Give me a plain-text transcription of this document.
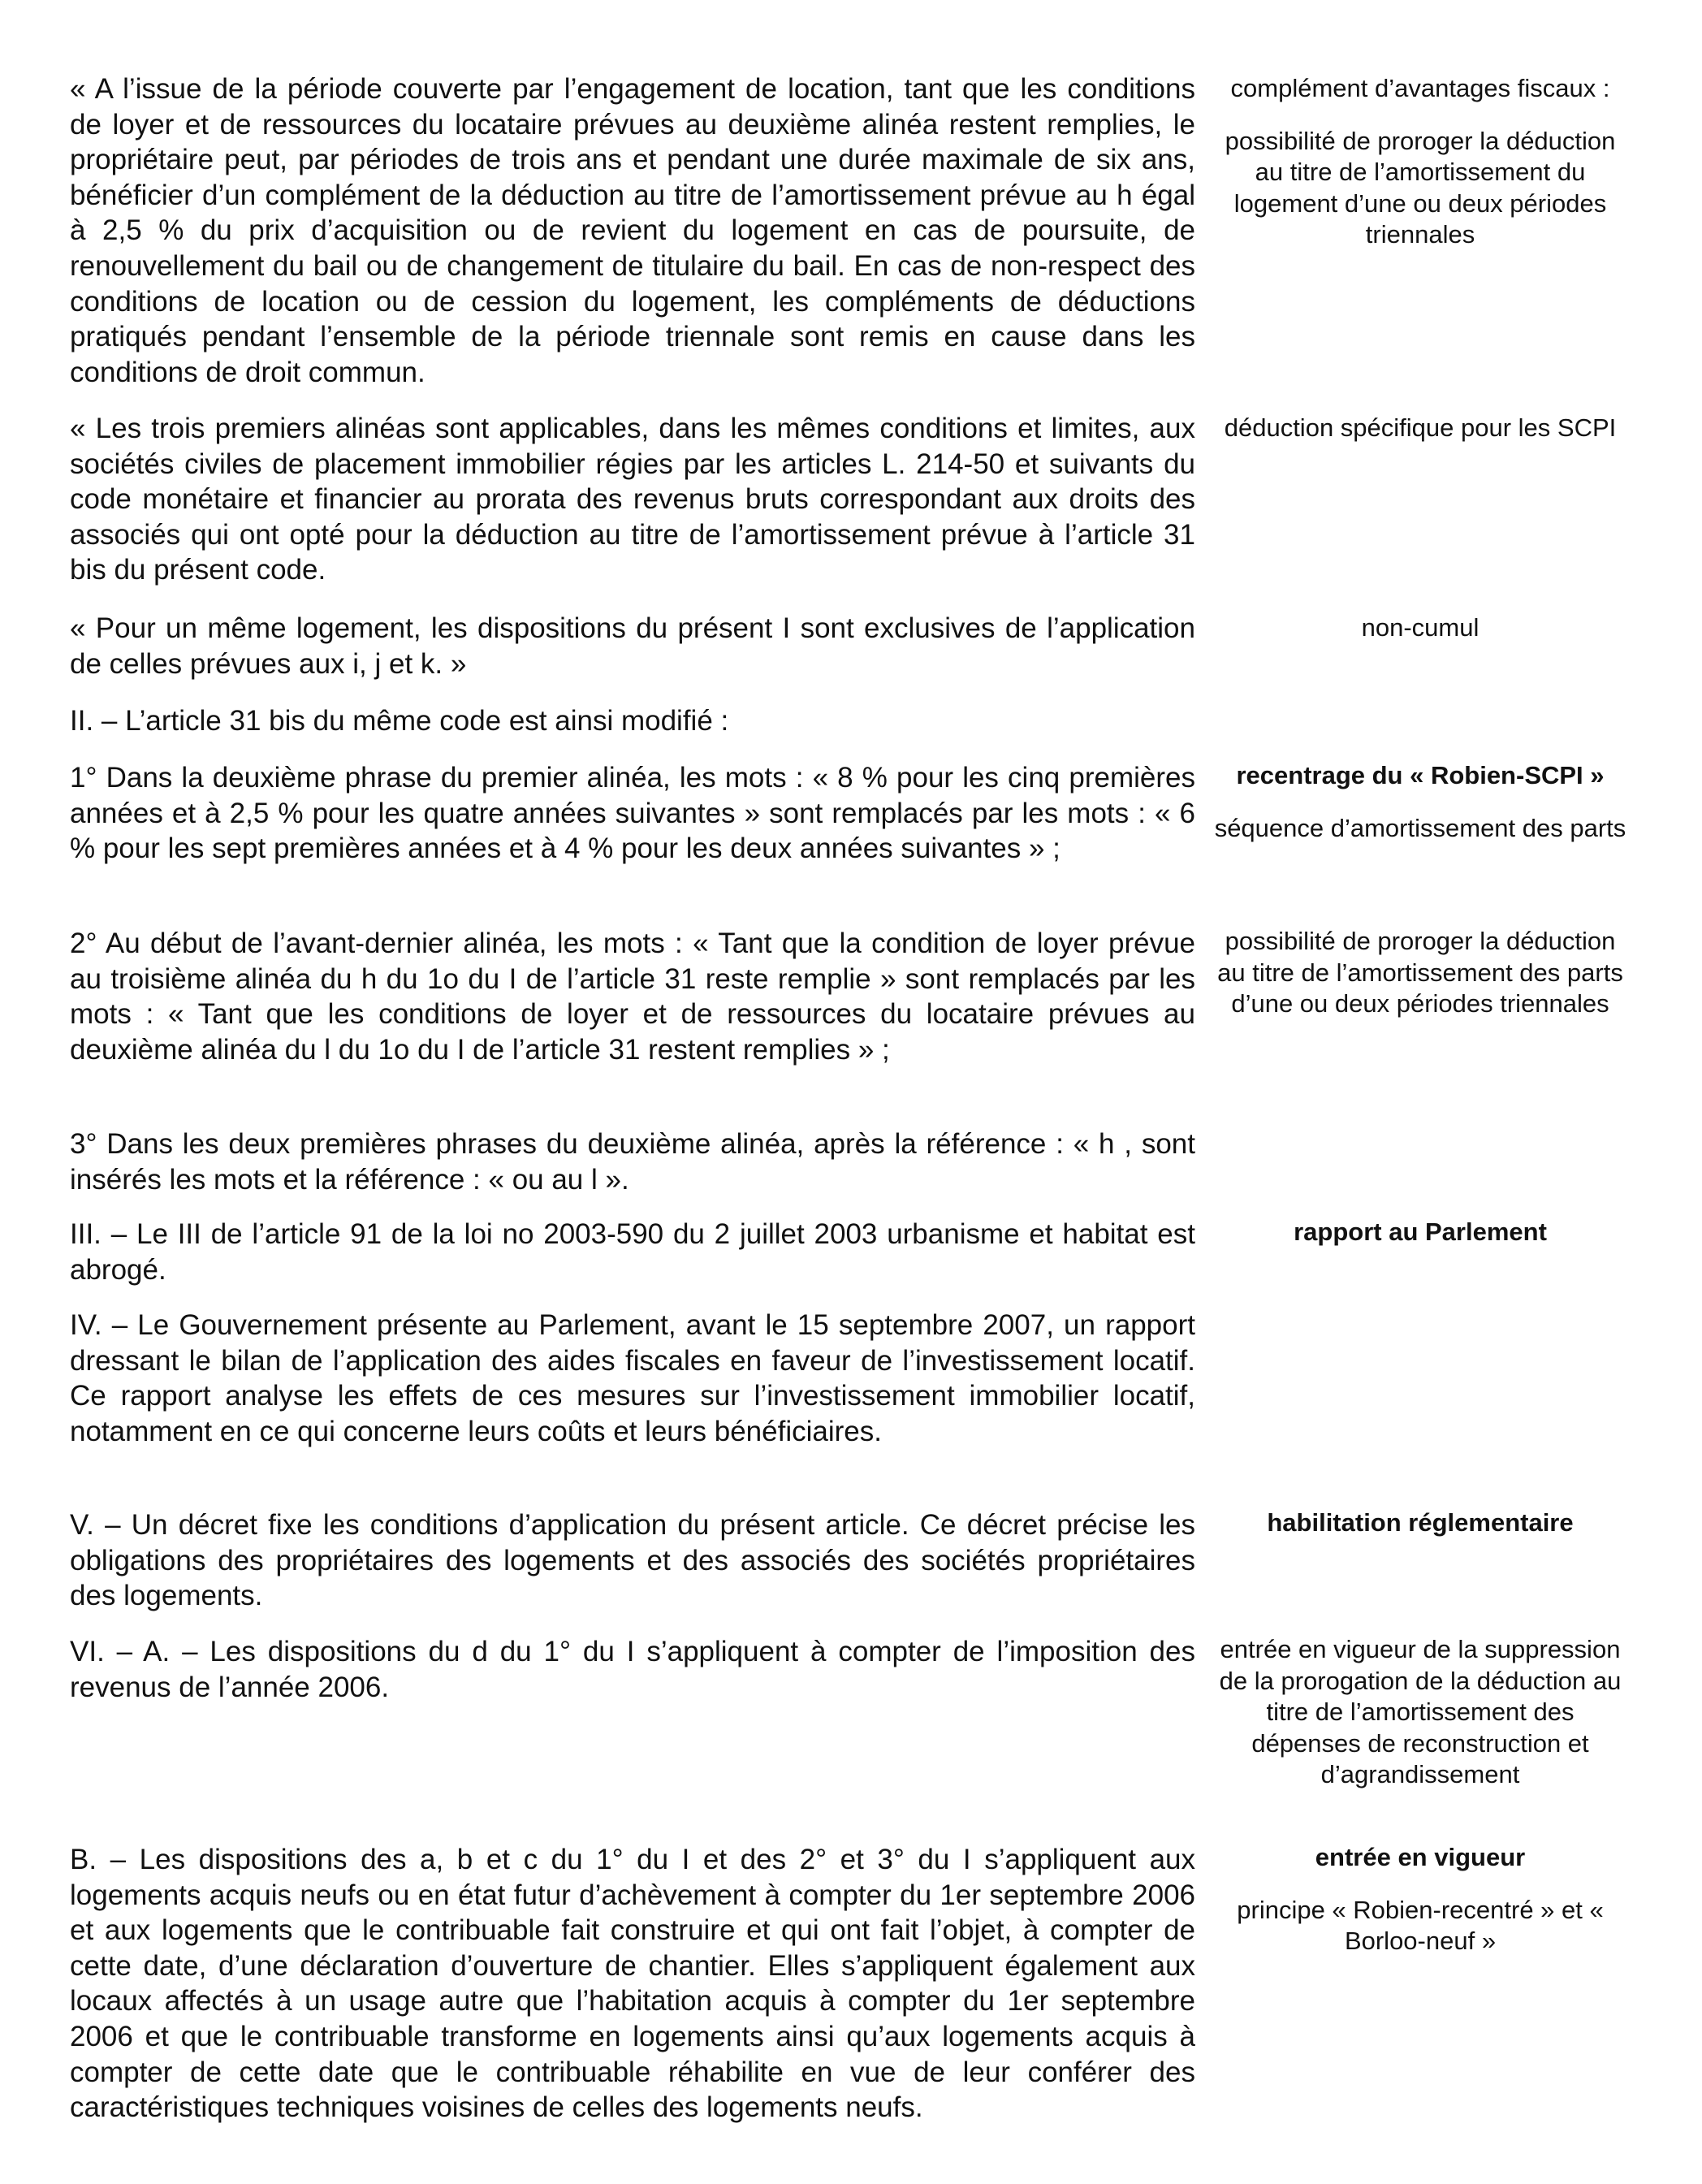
« A l’issue de la période couverte par l’engagement de location, tant que les conditions de loyer et de ressources du locataire prévues au deuxième alinéa restent remplies, le propriétaire peut, par périodes de trois ans et pendant une durée maximale de six ans, bénéficier d’un complément de la déduction au titre de l’amortissement prévue au h égal à 2,5 % du prix d’acquisition ou de revient du logement en cas de poursuite, de renouvellement du bail ou de changement de titulaire du bail. En cas de non-respect des conditions de location ou de cession du logement, les compléments de déductions pratiqués pendant l’ensemble de la période triennale sont remis en cause dans les conditions de droit commun.

complément d’avantages fiscaux :

possibilité de proroger la déduction au titre de l’amortissement du logement d’une ou deux périodes triennales

« Les trois premiers alinéas sont applicables, dans les mêmes conditions et limites, aux sociétés civiles de placement immobilier régies par les articles L. 214-50 et suivants du code monétaire et financier au prorata des revenus bruts correspondant aux droits des associés qui ont opté pour la déduction au titre de l’amortissement prévue à l’article 31 bis du présent code.

déduction spécifique pour les SCPI

« Pour un même logement, les dispositions du présent I sont exclusives de l’application de celles prévues aux i, j et k. »

non-cumul

II. – L’article 31 bis du même code est ainsi modifié :

1° Dans la deuxième phrase du premier alinéa, les mots : « 8 % pour les cinq premières années et à 2,5 % pour les quatre années suivantes » sont remplacés par les mots : « 6 % pour les sept premières années et à 4 % pour les deux années suivantes » ;

recentrage du « Robien-SCPI »

séquence d’amortissement des parts

2° Au début de l’avant-dernier alinéa, les mots : « Tant que la condition de loyer prévue au troisième alinéa du h du 1o du I de l’article 31 reste remplie » sont remplacés par les mots : « Tant que les conditions de loyer et de ressources du locataire prévues au deuxième alinéa du l du 1o du I de l’article 31 restent remplies » ;

possibilité de proroger la déduction au titre de l’amortissement des parts d’une ou deux périodes triennales

3° Dans les deux premières phrases du deuxième alinéa, après la référence : « h , sont insérés les mots et la référence : « ou au l ».

III. – Le III de l’article 91 de la loi no 2003-590 du 2 juillet 2003 urbanisme et habitat est abrogé.

rapport au Parlement

IV. – Le Gouvernement présente au Parlement, avant le 15 septembre 2007, un rapport dressant le bilan de l’application des aides fiscales en faveur de l’investissement locatif. Ce rapport analyse les effets de ces mesures sur l’investissement immobilier locatif, notamment en ce qui concerne leurs coûts et leurs bénéficiaires.

V. – Un décret fixe les conditions d’application du présent article. Ce décret précise les obligations des propriétaires des logements et des associés des sociétés propriétaires des logements.

habilitation réglementaire

VI. – A. – Les dispositions du d du 1° du I s’appliquent à compter de l’imposition des revenus de l’année 2006.

entrée en vigueur de la suppression de la prorogation de la déduction au titre de l’amortissement des dépenses de reconstruction et d’agrandissement

B. – Les dispositions des a, b et c du 1° du I et des 2° et 3° du I s’appliquent aux logements acquis neufs ou en état futur d’achèvement à compter du 1er septembre 2006 et aux logements que le contribuable fait construire et qui ont fait l’objet, à compter de cette date, d’une déclaration d’ouverture de chantier. Elles s’appliquent également aux locaux affectés à un usage autre que l’habitation acquis à compter du 1er septembre 2006 et que le contribuable transforme en logements ainsi qu’aux logements acquis à compter de cette date que le contribuable réhabilite en vue de leur conférer des caractéristiques techniques voisines de celles des logements neufs.

entrée en vigueur

principe « Robien-recentré » et « Borloo-neuf »
